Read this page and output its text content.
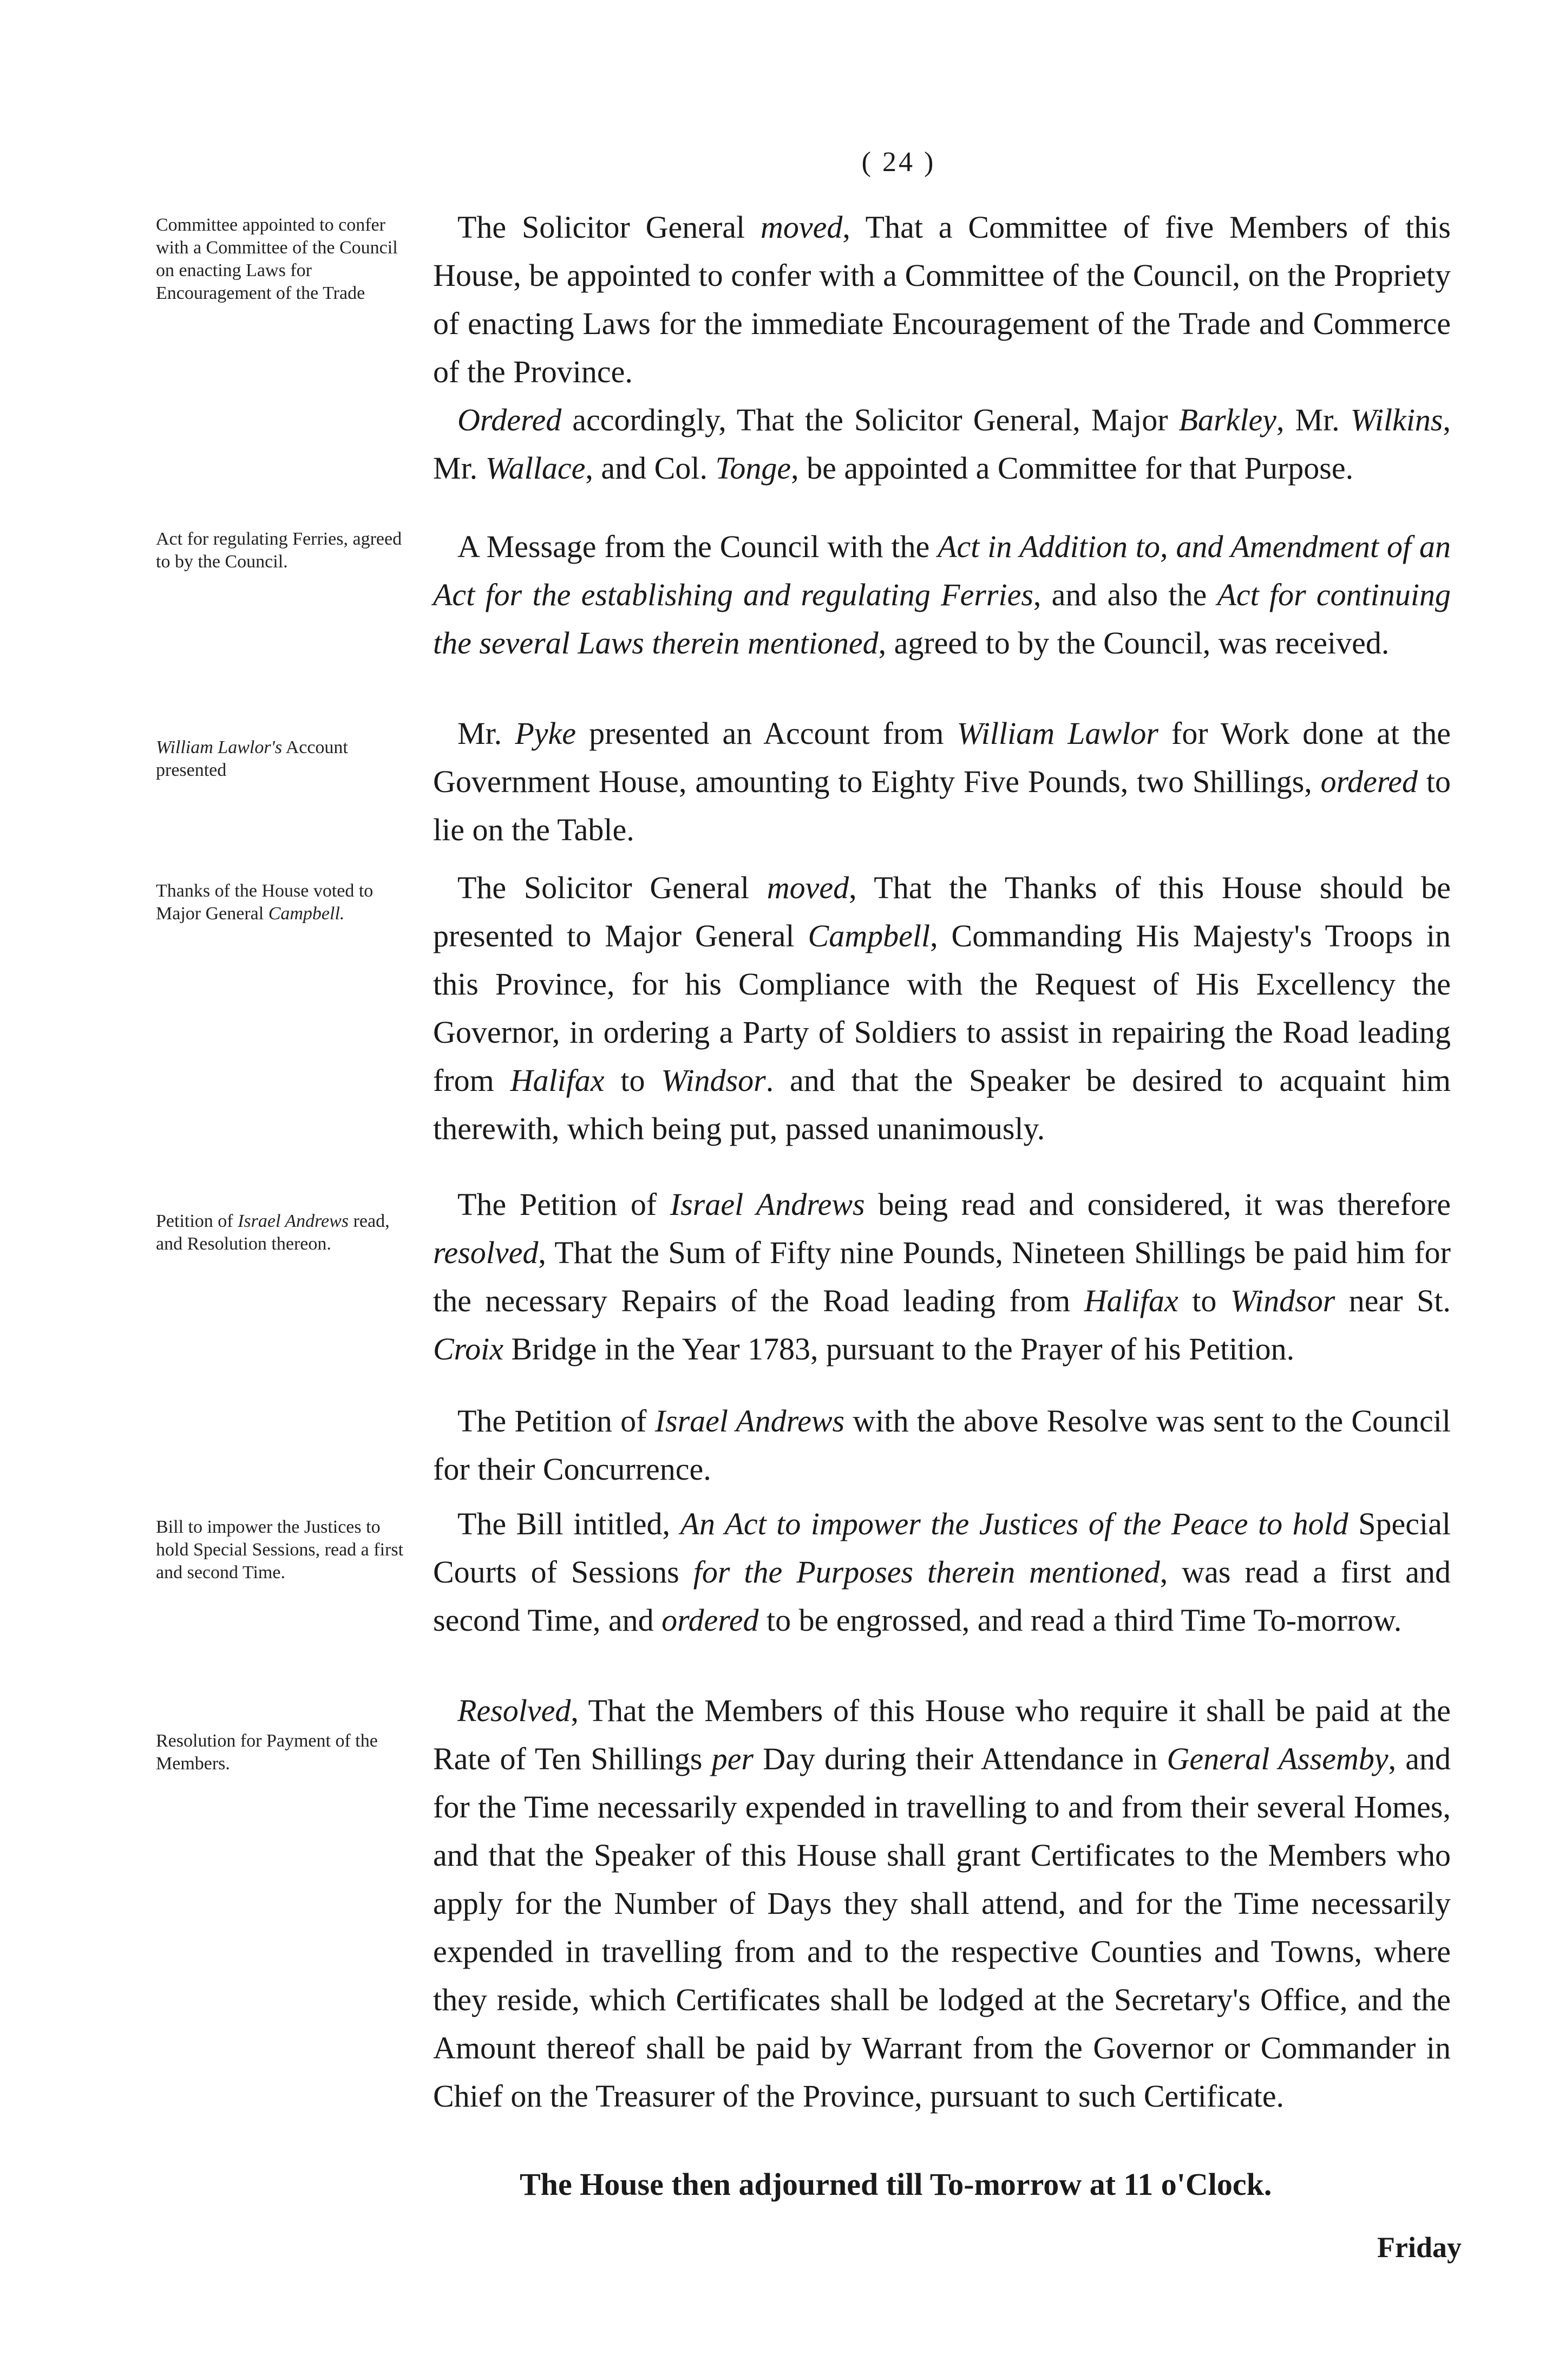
( 24 )
Committee appointed to confer with a Committee of the Council on enacting Laws for Encouragement of the Trade
Act for regulating Ferries, agreed to by the Council.
William Lawlor's Account presented
Thanks of the House voted to Major General Campbell.
Petition of Israel Andrews read, and Resolution thereon.
Bill to impower the Justices to hold Special Sessions, read a first and second Time.
Resolution for Payment of the Members.
The Solicitor General moved, That a Committee of five Members of this House, be appointed to confer with a Committee of the Council, on the Propriety of enacting Laws for the immediate Encouragement of the Trade and Commerce of the Province.
Ordered accordingly, That the Solicitor General, Major Barkley, Mr. Wilkins, Mr. Wallace, and Col. Tonge, be appointed a Committee for that Purpose.
A Message from the Council with the Act in Addition to, and Amendment of an Act for the establishing and regulating Ferries, and also the Act for continuing the several Laws therein mentioned, agreed to by the Council, was received.
Mr. Pyke presented an Account from William Lawlor for Work done at the Government House, amounting to Eighty Five Pounds, two Shillings, ordered to lie on the Table.
The Solicitor General moved, That the Thanks of this House should be presented to Major General Campbell, Commanding His Majesty's Troops in this Province, for his Compliance with the Request of His Excellency the Governor, in ordering a Party of Soldiers to assist in repairing the Road leading from Halifax to Windsor. and that the Speaker be desired to acquaint him therewith, which being put, passed unanimously.
The Petition of Israel Andrews being read and considered, it was therefore resolved, That the Sum of Fifty nine Pounds, Nineteen Shillings be paid him for the necessary Repairs of the Road leading from Halifax to Windsor near St. Croix Bridge in the Year 1783, pursuant to the Prayer of his Petition.
The Petition of Israel Andrews with the above Resolve was sent to the Council for their Concurrence.
The Bill intitled, An Act to impower the Justices of the Peace to hold Special Courts of Sessions for the Purposes therein mentioned, was read a first and second Time, and ordered to be engrossed, and read a third Time To-morrow.
Resolved, That the Members of this House who require it shall be paid at the Rate of Ten Shillings per Day during their Attendance in General Assemby, and for the Time necessarily expended in travelling to and from their several Homes, and that the Speaker of this House shall grant Certificates to the Members who apply for the Number of Days they shall attend, and for the Time necessarily expended in travelling from and to the respective Counties and Towns, where they reside, which Certificates shall be lodged at the Secretary's Office, and the Amount thereof shall be paid by Warrant from the Governor or Commander in Chief on the Treasurer of the Province, pursuant to such Certificate.
The House then adjourned till To-morrow at 11 o'Clock.
Friday
